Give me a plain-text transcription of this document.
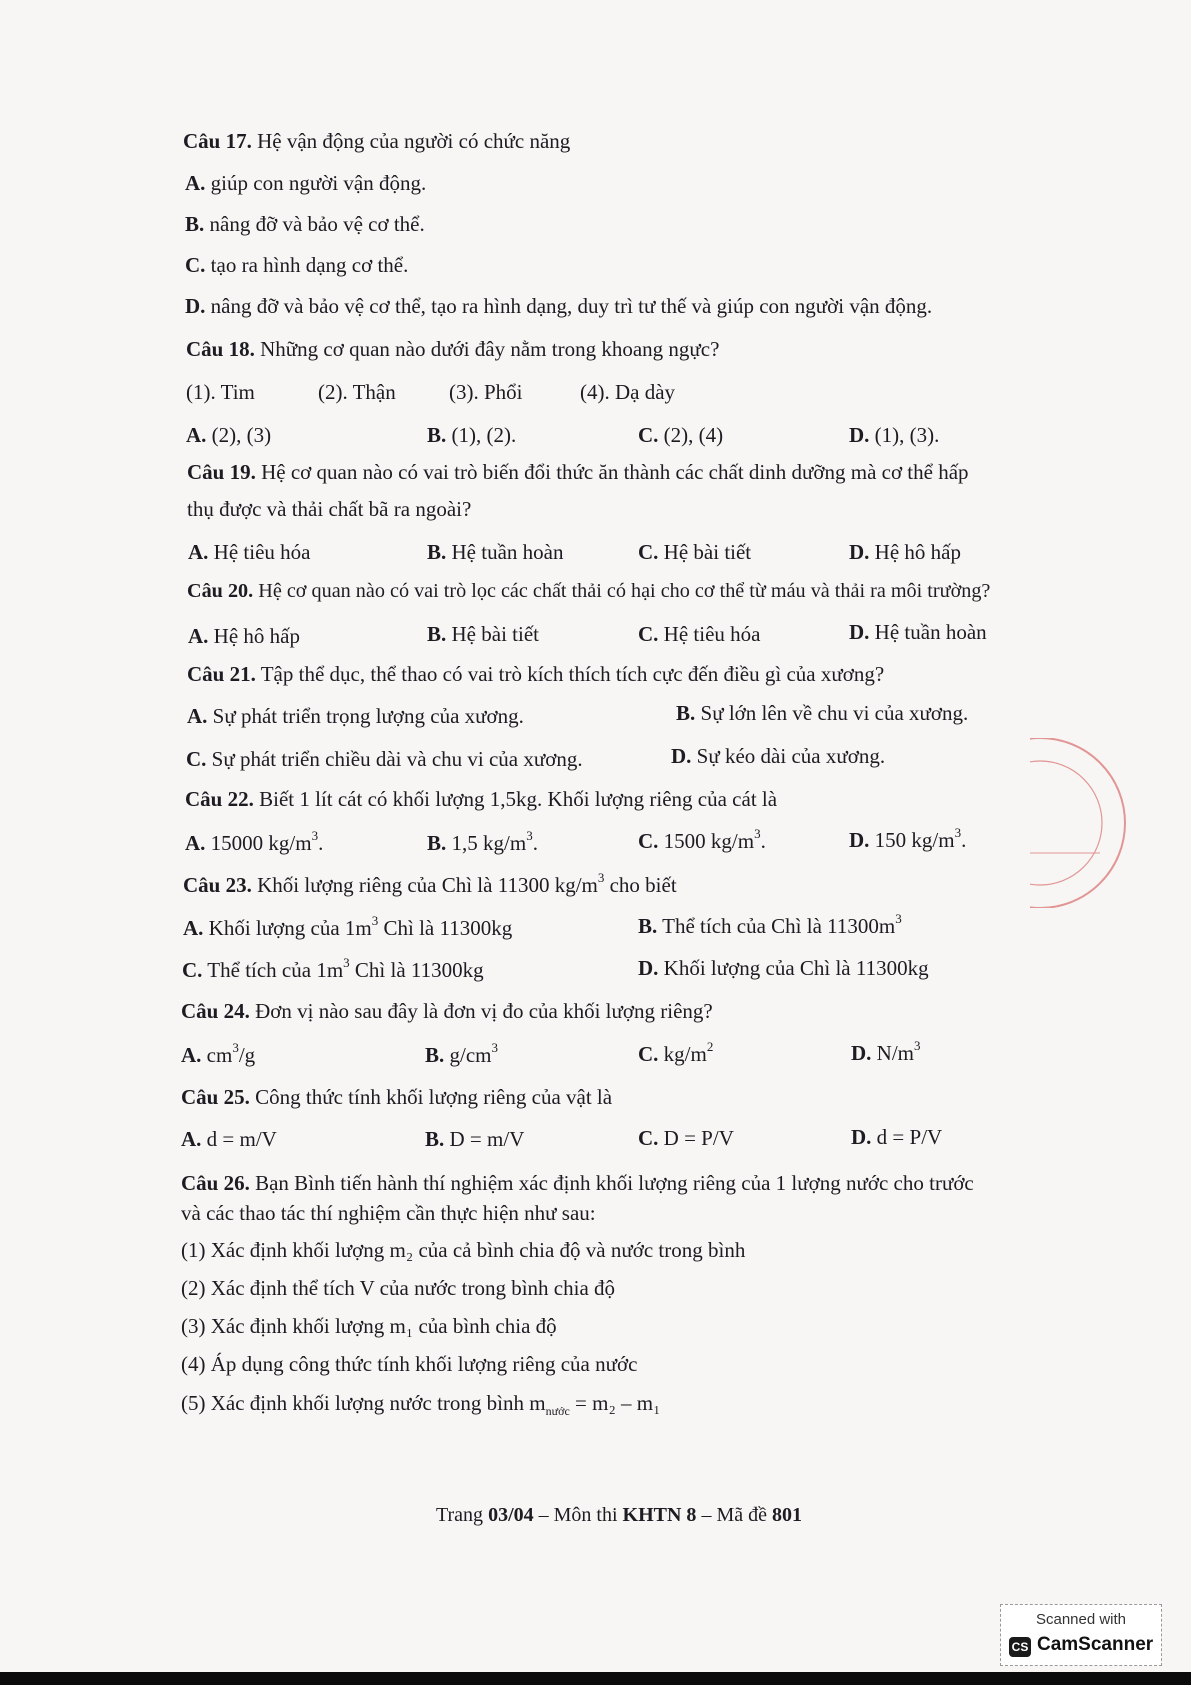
Câu 17. Hệ vận động của người có chức năng
A. giúp con người vận động.
B. nâng đỡ và bảo vệ cơ thể.
C. tạo ra hình dạng cơ thể.
D. nâng đỡ và bảo vệ cơ thể, tạo ra hình dạng, duy trì tư thế và giúp con người vận động.
Câu 18. Những cơ quan nào dưới đây nằm trong khoang ngực?
(1). Tim	(2). Thận	(3). Phổi	(4). Dạ dày
A. (2), (3)	B. (1), (2).	C. (2), (4)	D. (1), (3).
Câu 19. Hệ cơ quan nào có vai trò biến đổi thức ăn thành các chất dinh dưỡng mà cơ thể hấp
thụ được và thải chất bã ra ngoài?
A. Hệ tiêu hóa	B. Hệ tuần hoàn	C. Hệ bài tiết	D. Hệ hô hấp
Câu 20. Hệ cơ quan nào có vai trò lọc các chất thải có hại cho cơ thể từ máu và thải ra môi trường?
A. Hệ hô hấp	B. Hệ bài tiết	C. Hệ tiêu hóa	D. Hệ tuần hoàn
Câu 21. Tập thể dục, thể thao có vai trò kích thích tích cực đến điều gì của xương?
A. Sự phát triển trọng lượng của xương.	B. Sự lớn lên về chu vi của xương.
C. Sự phát triển chiều dài và chu vi của xương.	D. Sự kéo dài của xương.
Câu 22. Biết 1 lít cát có khối lượng 1,5kg. Khối lượng riêng của cát là
A. 15000 $kg/m^3$.	B. 1,5 $kg/m^3$.	C. 1500 $kg/m^3$.	D. 150 $kg/m^3$.
Câu 23. Khối lượng riêng của Chì là 11300 $kg/m^3$ cho biết
A. Khối lượng của $1m^3$ Chì là 11300kg	B. Thể tích của Chì là $11300m^3$
C. Thể tích của $1m^3$ Chì là 11300kg	D. Khối lượng của Chì là 11300kg
Câu 24. Đơn vị nào sau đây là đơn vị đo của khối lượng riêng?
A. $cm^3/g$	B. $g/cm^3$	C. $kg/m^2$	D. $N/m^3$
Câu 25. Công thức tính khối lượng riêng của vật là
A. d = m/V	B. D = m/V	C. D = P/V	D. d = P/V
Câu 26. Bạn Bình tiến hành thí nghiệm xác định khối lượng riêng của 1 lượng nước cho trước
và các thao tác thí nghiệm cần thực hiện như sau:
(1) Xác định khối lượng m₂ của cả bình chia độ và nước trong bình
(2) Xác định thể tích V của nước trong bình chia độ
(3) Xác định khối lượng m₁ của bình chia độ
(4) Áp dụng công thức tính khối lượng riêng của nước
(5) Xác định khối lượng nước trong bình $m_{nước} = m_2 - m_1$
Trang 03/04 – Môn thi KHTN 8 – Mã đề 801
Scanned with
CS CamScanner
